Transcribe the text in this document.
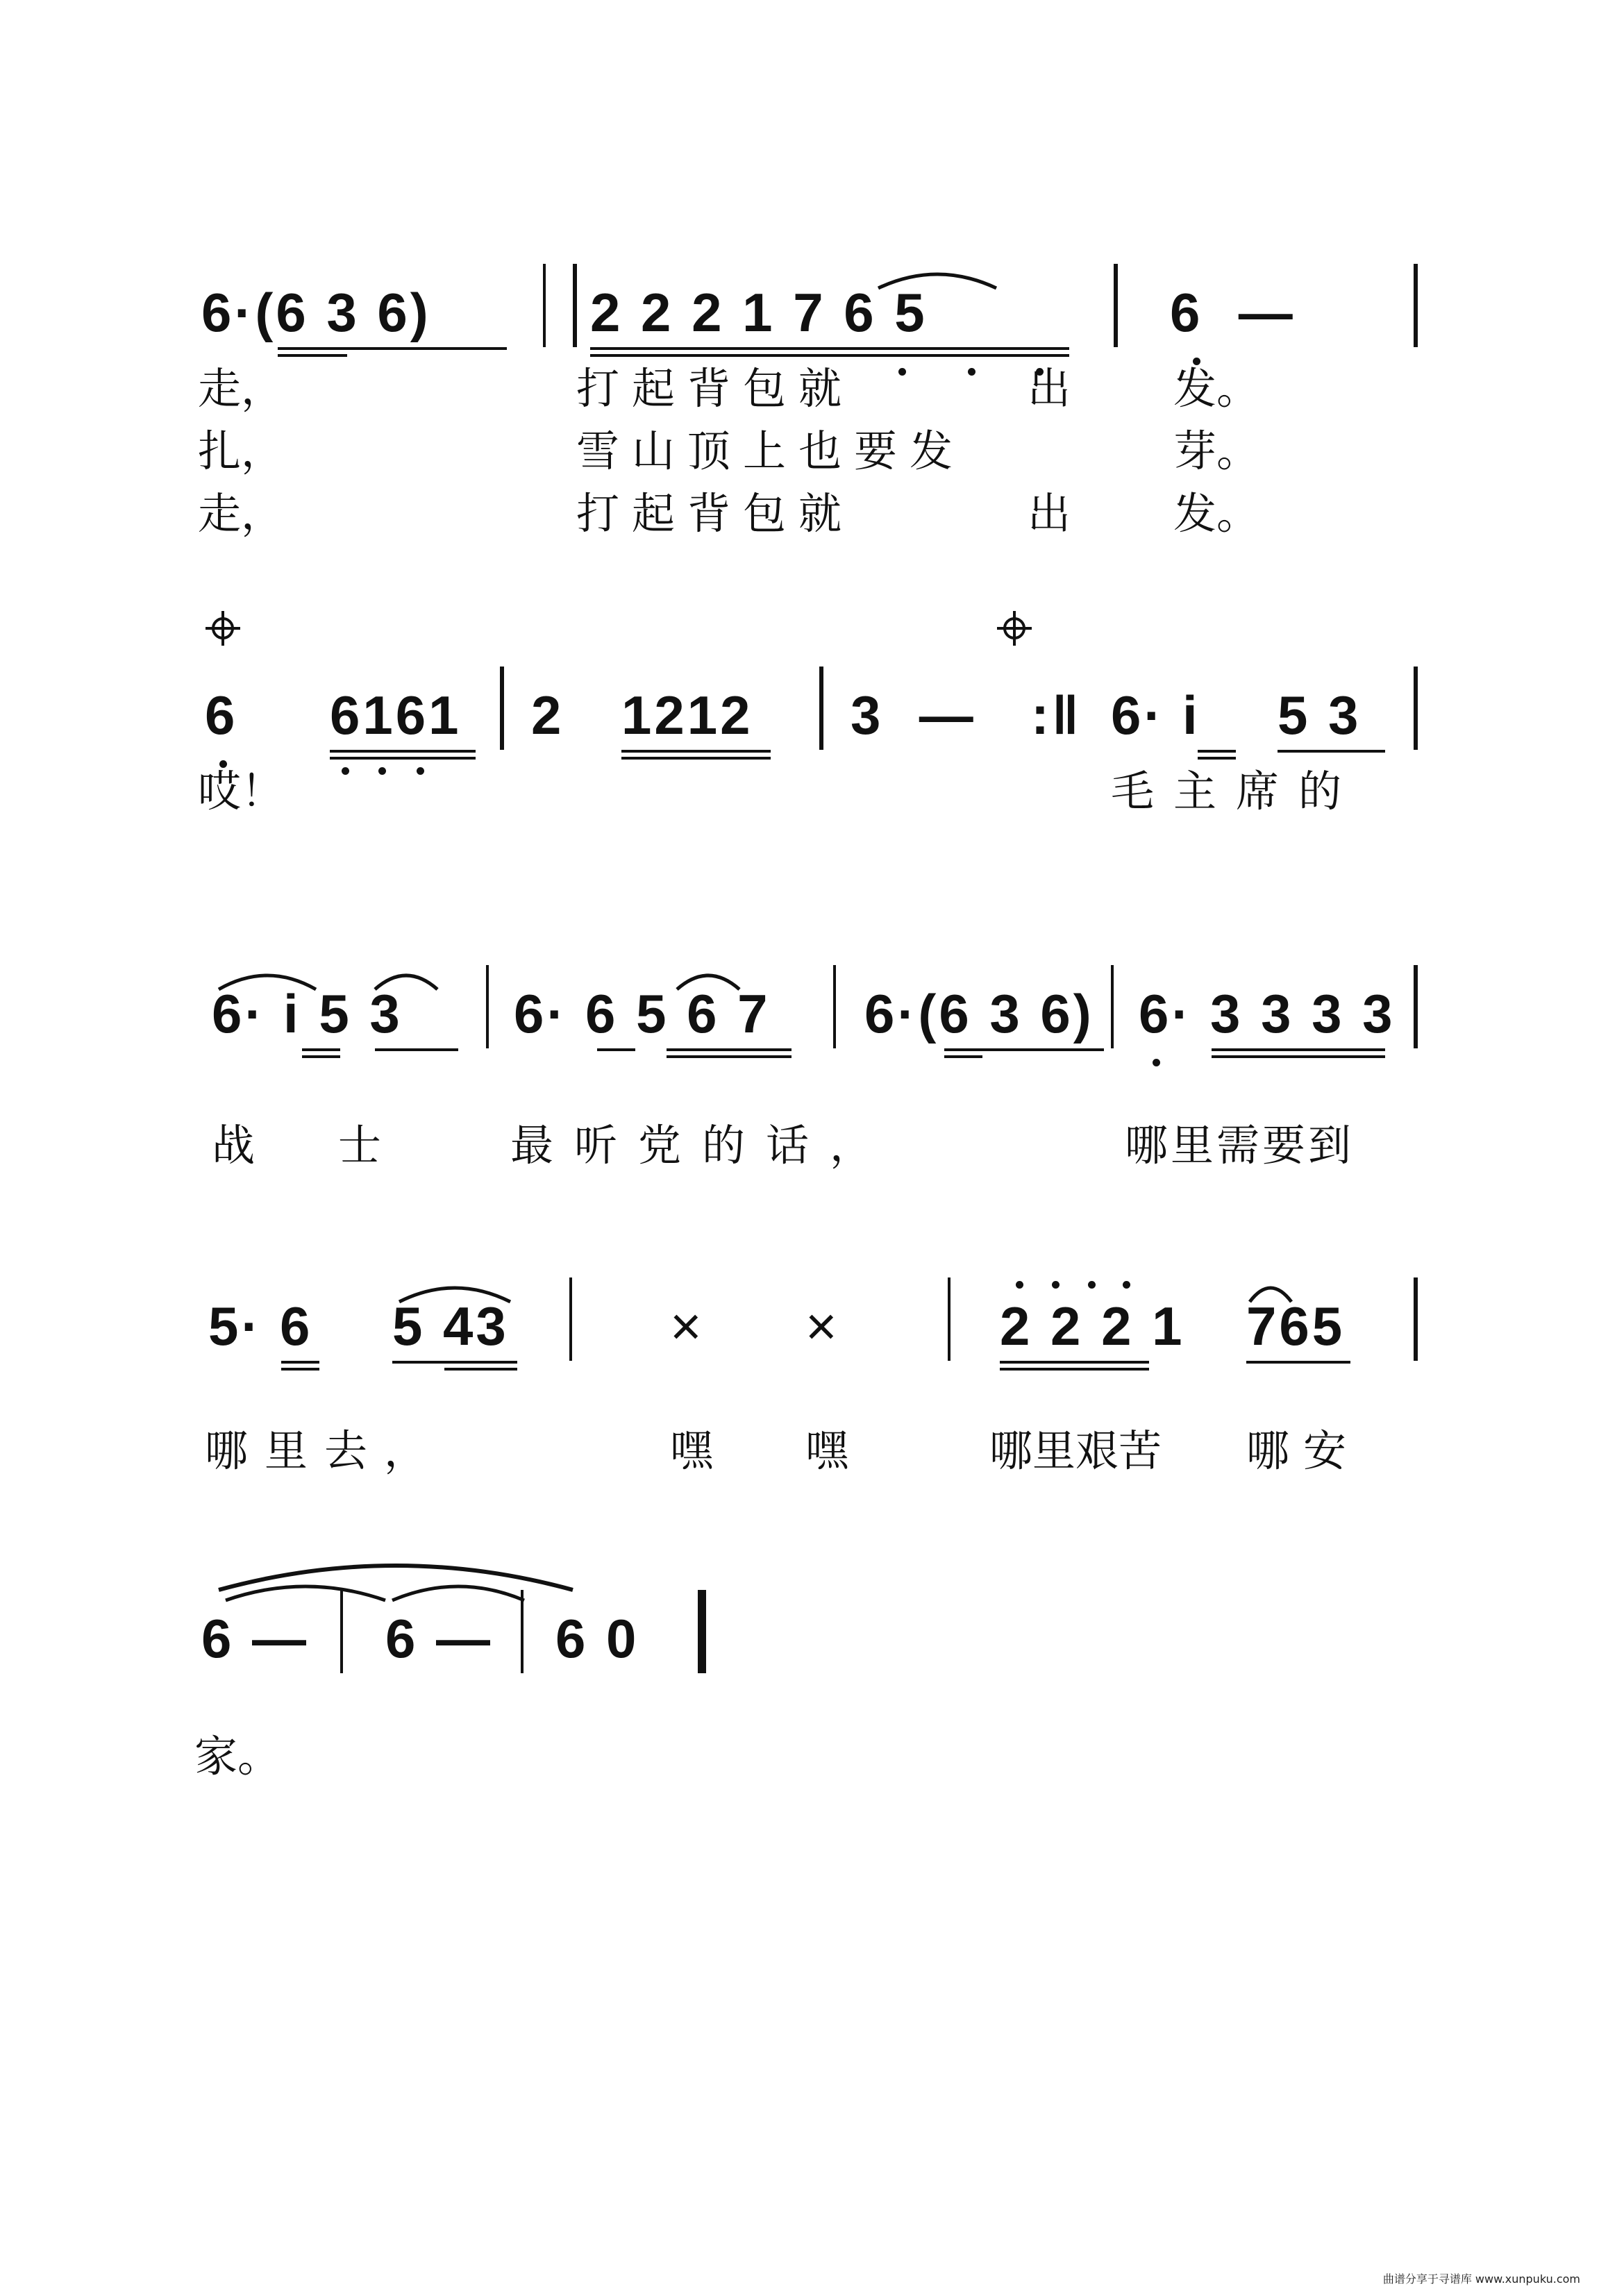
6·(6 3 6)	2 2 2 1 7 6 5	6  —
走，	打起背包就	出 发。
扎，	雪山顶上也要发	芽。
走，	打起背包就	出 发。
6 6161 2 1212 3  — :‖ 6· i 5 3
哎！	毛主席的
6· i 5 3 6· 6 5 6 7 6·(6 3 6) 6· 3 3 3 3
战士 最听党的话，	哪里需要到
5· 6 5 43	× ×	2 2 2 1 765
哪里去，	嘿 嘿	哪里艰苦 哪安
6 — 6 — 6 0
家。
曲谱分享于寻谱库 www.xunpuku.com
